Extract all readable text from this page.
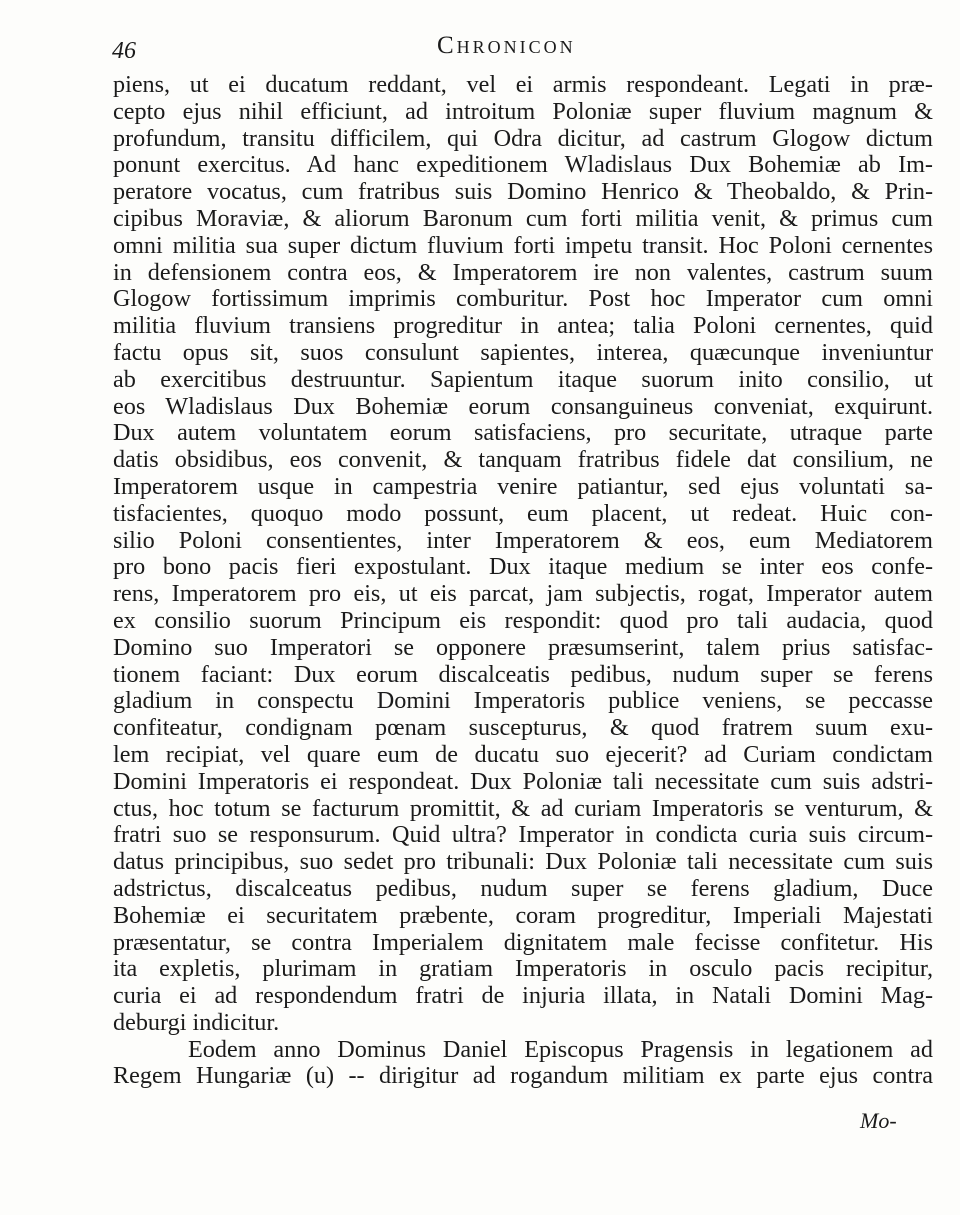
46	Chronicon
piens, ut ei ducatum reddant, vel ei armis respondeant. Legati in præ-
cepto ejus nihil efficiunt, ad introitum Poloniæ super fluvium magnum &
profundum, transitu difficilem, qui Odra dicitur, ad castrum Glogow dictum
ponunt exercitus. Ad hanc expeditionem Wladislaus Dux Bohemiæ ab Im-
peratore vocatus, cum fratribus suis Domino Henrico & Theobaldo, & Prin-
cipibus Moraviæ, & aliorum Baronum cum forti militia venit, & primus cum
omni militia sua super dictum fluvium forti impetu transit. Hoc Poloni cernentes
in defensionem contra eos, & Imperatorem ire non valentes, castrum suum
Glogow fortissimum imprimis comburitur. Post hoc Imperator cum omni
militia fluvium transiens progreditur in antea; talia Poloni cernentes, quid
factu opus sit, suos consulunt sapientes, interea, quæcunque inveniuntur
ab exercitibus destruuntur. Sapientum itaque suorum inito consilio, ut
eos Wladislaus Dux Bohemiæ eorum consanguineus conveniat, exquirunt.
Dux autem voluntatem eorum satisfaciens, pro securitate, utraque parte
datis obsidibus, eos convenit, & tanquam fratribus fidele dat consilium, ne
Imperatorem usque in campestria venire patiantur, sed ejus voluntati sa-
tisfacientes, quoquo modo possunt, eum placent, ut redeat. Huic con-
silio Poloni consentientes, inter Imperatorem & eos, eum Mediatorem
pro bono pacis fieri expostulant. Dux itaque medium se inter eos confe-
rens, Imperatorem pro eis, ut eis parcat, jam subjectis, rogat, Imperator autem
ex consilio suorum Principum eis respondit: quod pro tali audacia, quod
Domino suo Imperatori se opponere præsumserint, talem prius satisfac-
tionem faciant: Dux eorum discalceatis pedibus, nudum super se ferens
gladium in conspectu Domini Imperatoris publice veniens, se peccasse
confiteatur, condignam pœnam suscepturus, & quod fratrem suum exu-
lem recipiat, vel quare eum de ducatu suo ejecerit? ad Curiam condictam
Domini Imperatoris ei respondeat. Dux Poloniæ tali necessitate cum suis adstri-
ctus, hoc totum se facturum promittit, & ad curiam Imperatoris se venturum, &
fratri suo se responsurum. Quid ultra? Imperator in condicta curia suis circum-
datus principibus, suo sedet pro tribunali: Dux Poloniæ tali necessitate cum suis
adstrictus, discalceatus pedibus, nudum super se ferens gladium, Duce
Bohemiæ ei securitatem præbente, coram progreditur, Imperiali Majestati
præsentatur, se contra Imperialem dignitatem male fecisse confitetur. His
ita expletis, plurimam in gratiam Imperatoris in osculo pacis recipitur,
curia ei ad respondendum fratri de injuria illata, in Natali Domini Mag-
deburgi indicitur.
Eodem anno Dominus Daniel Episcopus Pragensis in legationem ad
Regem Hungariæ (u) -- dirigitur ad rogandum militiam ex parte ejus contra
Mo-
